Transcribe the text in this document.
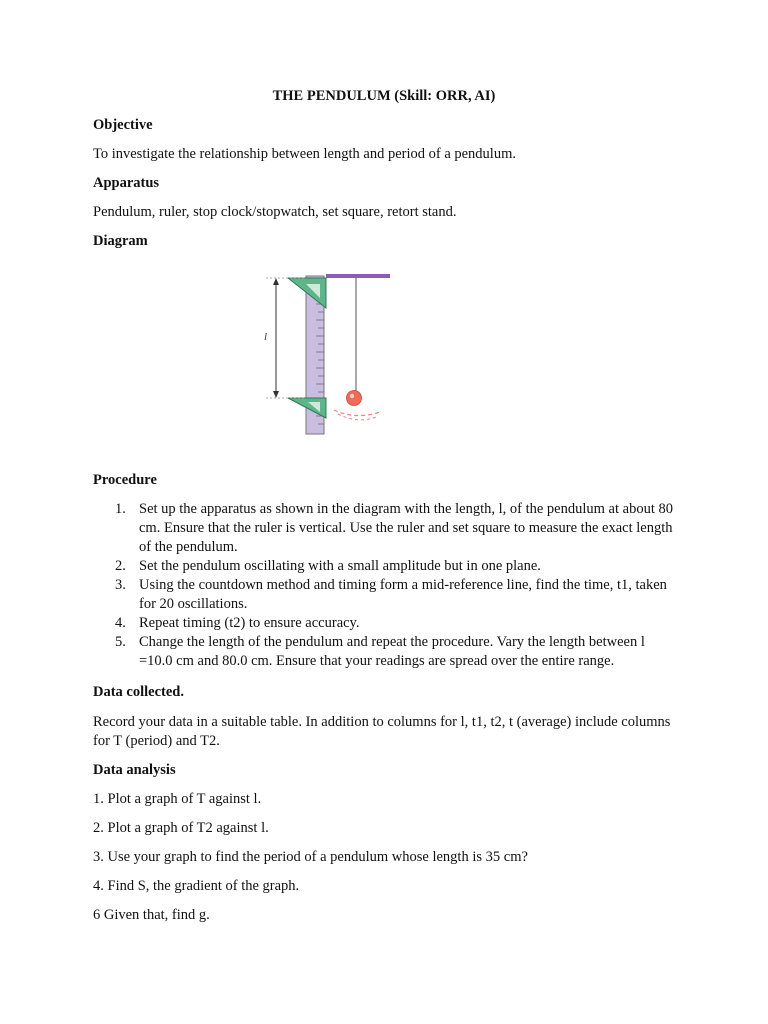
THE PENDULUM (Skill: ORR, AI)
Objective
To investigate the relationship between length and period of a pendulum.
Apparatus
Pendulum, ruler, stop clock/stopwatch, set square, retort stand.
Diagram
l
Procedure
1. Set up the apparatus as shown in the diagram with the length, l, of the pendulum at about 80 cm. Ensure that the ruler is vertical. Use the ruler and set square to measure the exact length of the pendulum.
2. Set the pendulum oscillating with a small amplitude but in one plane.
3. Using the countdown method and timing form a mid-reference line, find the time, t1, taken for 20 oscillations.
4. Repeat timing (t2) to ensure accuracy.
5. Change the length of the pendulum and repeat the procedure. Vary the length between l =10.0 cm and 80.0 cm. Ensure that your readings are spread over the entire range.
Data collected.
Record your data in a suitable table. In addition to columns for l, t1, t2, t (average) include columns for T (period) and T2.
Data analysis
1. Plot a graph of T against l.
2. Plot a graph of T2 against l.
3. Use your graph to find the period of a pendulum whose length is 35 cm?
4. Find S, the gradient of the graph.
6 Given that, find g.
